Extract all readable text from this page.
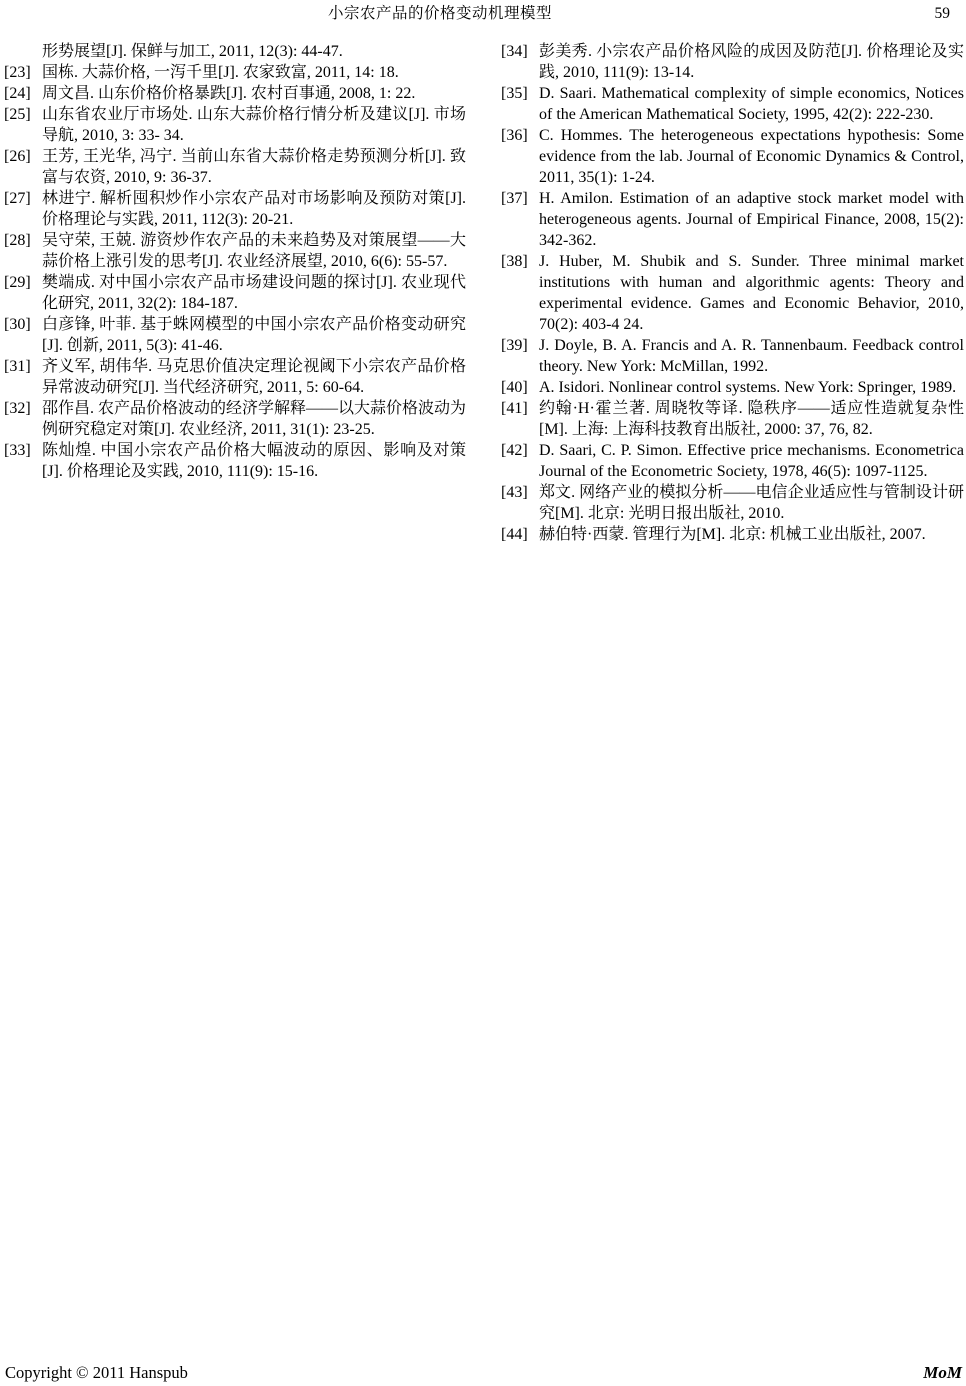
小宗农产品的价格变动机理模型	59
形势展望[J]. 保鲜与加工, 2011, 12(3): 44-47.
[23] 国栋. 大蒜价格, 一泻千里[J]. 农家致富, 2011, 14: 18.
[24] 周文昌. 山东价格价格暴跌[J]. 农村百事通, 2008, 1: 22.
[25] 山东省农业厅市场处. 山东大蒜价格行情分析及建议[J]. 市场导航, 2010, 3: 33- 34.
[26] 王芳, 王光华, 冯宁. 当前山东省大蒜价格走势预测分析[J]. 致富与农资, 2010, 9: 36-37.
[27] 林进宁. 解析囤积炒作小宗农产品对市场影响及预防对策[J]. 价格理论与实践, 2011, 112(3): 20-21.
[28] 吴守荣, 王兢. 游资炒作农产品的未来趋势及对策展望——大蒜价格上涨引发的思考[J]. 农业经济展望, 2010, 6(6): 55-57.
[29] 樊端成. 对中国小宗农产品市场建设问题的探讨[J]. 农业现代化研究, 2011, 32(2): 184-187.
[30] 白彦锋, 叶菲. 基于蛛网模型的中国小宗农产品价格变动研究[J]. 创新, 2011, 5(3): 41-46.
[31] 齐义军, 胡伟华. 马克思价值决定理论视阈下小宗农产品价格异常波动研究[J]. 当代经济研究, 2011, 5: 60-64.
[32] 邵作昌. 农产品价格波动的经济学解释——以大蒜价格波动为例研究稳定对策[J]. 农业经济, 2011, 31(1): 23-25.
[33] 陈灿煌. 中国小宗农产品价格大幅波动的原因、影响及对策[J]. 价格理论及实践, 2010, 111(9): 15-16.
[34] 彭美秀. 小宗农产品价格风险的成因及防范[J]. 价格理论及实践, 2010, 111(9): 13-14.
[35] D. Saari. Mathematical complexity of simple economics, Notices of the American Mathematical Society, 1995, 42(2): 222-230.
[36] C. Hommes. The heterogeneous expectations hypothesis: Some evidence from the lab. Journal of Economic Dynamics & Control, 2011, 35(1): 1-24.
[37] H. Amilon. Estimation of an adaptive stock market model with heterogeneous agents. Journal of Empirical Finance, 2008, 15(2): 342-362.
[38] J. Huber, M. Shubik and S. Sunder. Three minimal market institutions with human and algorithmic agents: Theory and experimental evidence. Games and Economic Behavior, 2010, 70(2): 403-4 24.
[39] J. Doyle, B. A. Francis and A. R. Tannenbaum. Feedback control theory. New York: McMillan, 1992.
[40] A. Isidori. Nonlinear control systems. New York: Springer, 1989.
[41] 约翰·H·霍兰著. 周晓牧等译. 隐秩序——适应性造就复杂性[M]. 上海: 上海科技教育出版社, 2000: 37, 76, 82.
[42] D. Saari, C. P. Simon. Effective price mechanisms. Econometrica Journal of the Econometric Society, 1978, 46(5): 1097-1125.
[43] 郑文. 网络产业的模拟分析——电信企业适应性与管制设计研究[M]. 北京: 光明日报出版社, 2010.
[44] 赫伯特·西蒙. 管理行为[M]. 北京: 机械工业出版社, 2007.
Copyright © 2011 Hanspub	MoM
